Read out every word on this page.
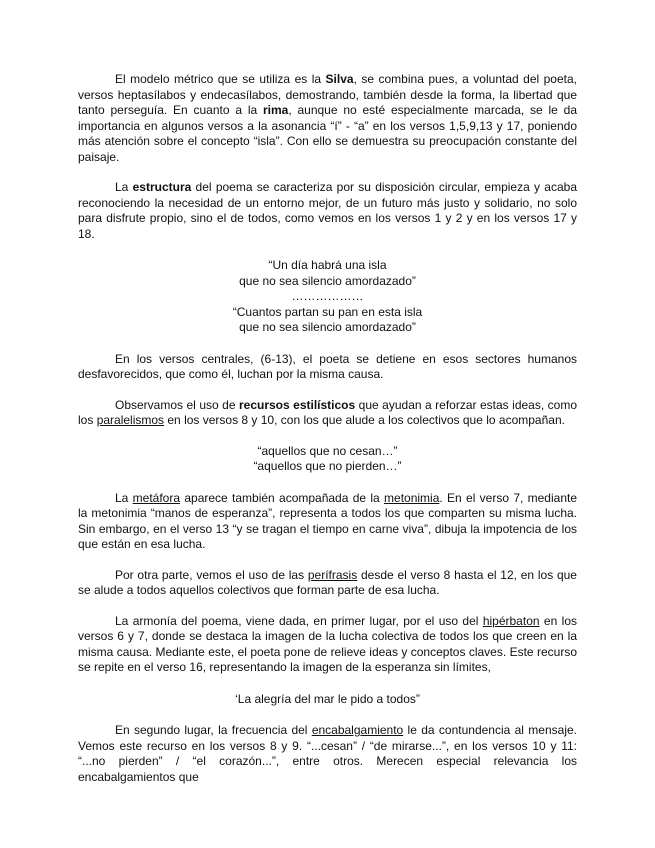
El modelo métrico que se utiliza es la Silva, se combina pues, a voluntad del poeta, versos heptasílabos y endecasílabos, demostrando, también desde la forma, la libertad que tanto perseguía. En cuanto a la rima, aunque no esté especialmente marcada, se le da importancia en algunos versos a la asonancia “í” - “a” en los versos 1,5,9,13 y 17, poniendo más atención sobre el concepto “isla”. Con ello se demuestra su preocupación constante del paisaje.

La estructura del poema se caracteriza por su disposición circular, empieza y acaba reconociendo la necesidad de un entorno mejor, de un futuro más justo y solidario, no solo para disfrute propio, sino el de todos, como vemos en los versos 1 y 2 y en los versos 17 y 18.

“Un día habrá una isla

que no sea silencio amordazado”

………………

“Cuantos partan su pan en esta isla

que no sea silencio amordazado”

En los versos centrales, (6-13), el poeta se detiene en esos sectores humanos desfavorecidos, que como él, luchan por la misma causa.

Observamos el uso de recursos estilísticos que ayudan a reforzar estas ideas, como los paralelismos en los versos 8 y 10, con los que alude a los colectivos que lo acompañan.

“aquellos que no cesan…”

“aquellos que no pierden…”

La metáfora aparece también acompañada de la metonimia. En el verso 7, mediante la metonimia “manos de esperanza”, representa a todos los que comparten su misma lucha. Sin embargo, en el verso 13 “y se tragan el tiempo en carne viva”, dibuja la impotencia de los que están en esa lucha.

Por otra parte, vemos el uso de las perífrasis desde el verso 8 hasta el 12, en los que se alude a todos aquellos colectivos que forman parte de esa lucha.

La armonía del poema, viene dada, en primer lugar, por el uso del hipérbaton en los versos 6 y 7, donde se destaca la imagen de la lucha colectiva de todos los que creen en la misma causa. Mediante este, el poeta pone de relieve ideas y conceptos claves. Este recurso se repite en el verso 16, representando la imagen de la esperanza sin límites,

‘La alegría del mar le pido a todos”

En segundo lugar, la frecuencia del encabalgamiento le da contundencia al mensaje. Vemos este recurso en los versos 8 y 9. “...cesan” / “de mirarse...”, en los versos 10 y 11: “...no pierden” / “el corazón...”, entre otros. Merecen especial relevancia los encabalgamientos que
